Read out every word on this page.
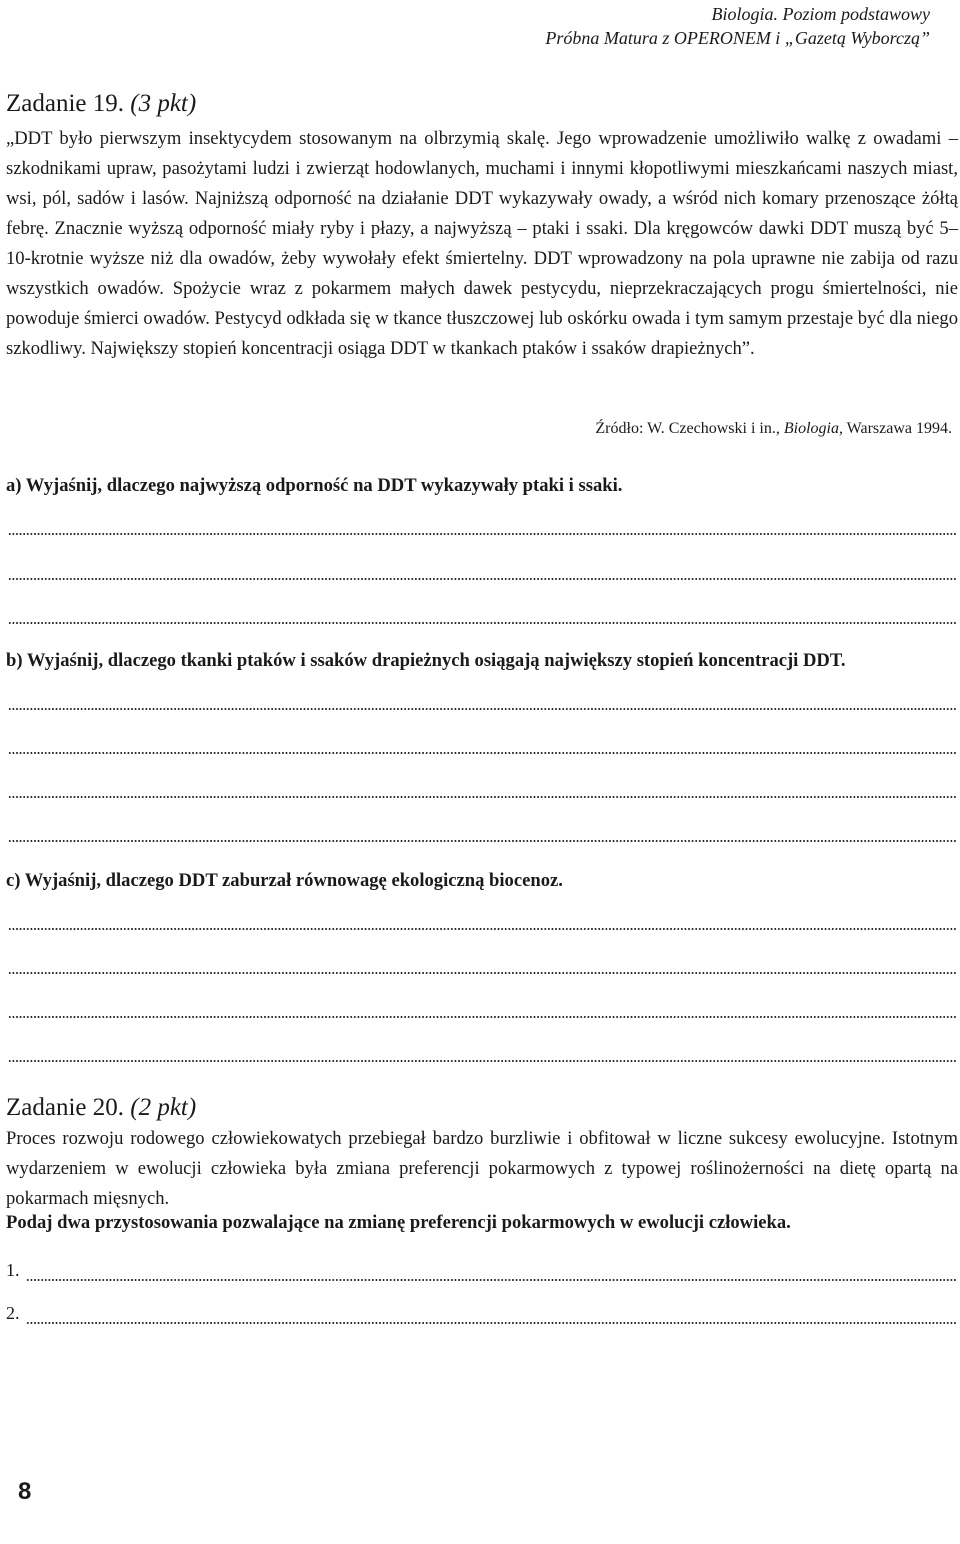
Biologia. Poziom podstawowy
Próbna Matura z OPERONEM i „Gazetą Wyborczą”
Zadanie 19. (3 pkt)
„DDT było pierwszym insektycydem stosowanym na olbrzymią skalę. Jego wprowadzenie umożliwiło walkę z owadami – szkodnikami upraw, pasożytami ludzi i zwierząt hodowlanych, muchami i innymi kłopotliwymi mieszkańcami naszych miast, wsi, pól, sadów i lasów. Najniższą odporność na działanie DDT wykazywały owady, a wśród nich komary przenoszące żółtą febrę. Znacznie wyższą odporność miały ryby i płazy, a najwyższą – ptaki i ssaki. Dla kręgowców dawki DDT muszą być 5–10-krotnie wyższe niż dla owadów, żeby wywołały efekt śmiertelny. DDT wprowadzony na pola uprawne nie zabija od razu wszystkich owadów. Spożycie wraz z pokarmem małych dawek pestycydu, nieprzekraczających progu śmiertelności, nie powoduje śmierci owadów. Pestycyd odkłada się w tkance tłuszczowej lub oskórku owada i tym samym przestaje być dla niego szkodliwy. Największy stopień koncentracji osiąga DDT w tkankach ptaków i ssaków drapieżnych”.
Źródło: W. Czechowski i in., Biologia, Warszawa 1994.
a) Wyjaśnij, dlaczego najwyższą odporność na DDT wykazywały ptaki i ssaki.
b) Wyjaśnij, dlaczego tkanki ptaków i ssaków drapieżnych osiągają największy stopień koncentracji DDT.
c) Wyjaśnij, dlaczego DDT zaburzał równowagę ekologiczną biocenoz.
Zadanie 20. (2 pkt)
Proces rozwoju rodowego człowiekowatych przebiegał bardzo burzliwie i obfitował w liczne sukcesy ewolucyjne. Istotnym wydarzeniem w ewolucji człowieka była zmiana preferencji pokarmowych z typowej roślinożerności na dietę opartą na pokarmach mięsnych.
Podaj dwa przystosowania pozwalające na zmianę preferencji pokarmowych w ewolucji człowieka.
1.
2.
8
